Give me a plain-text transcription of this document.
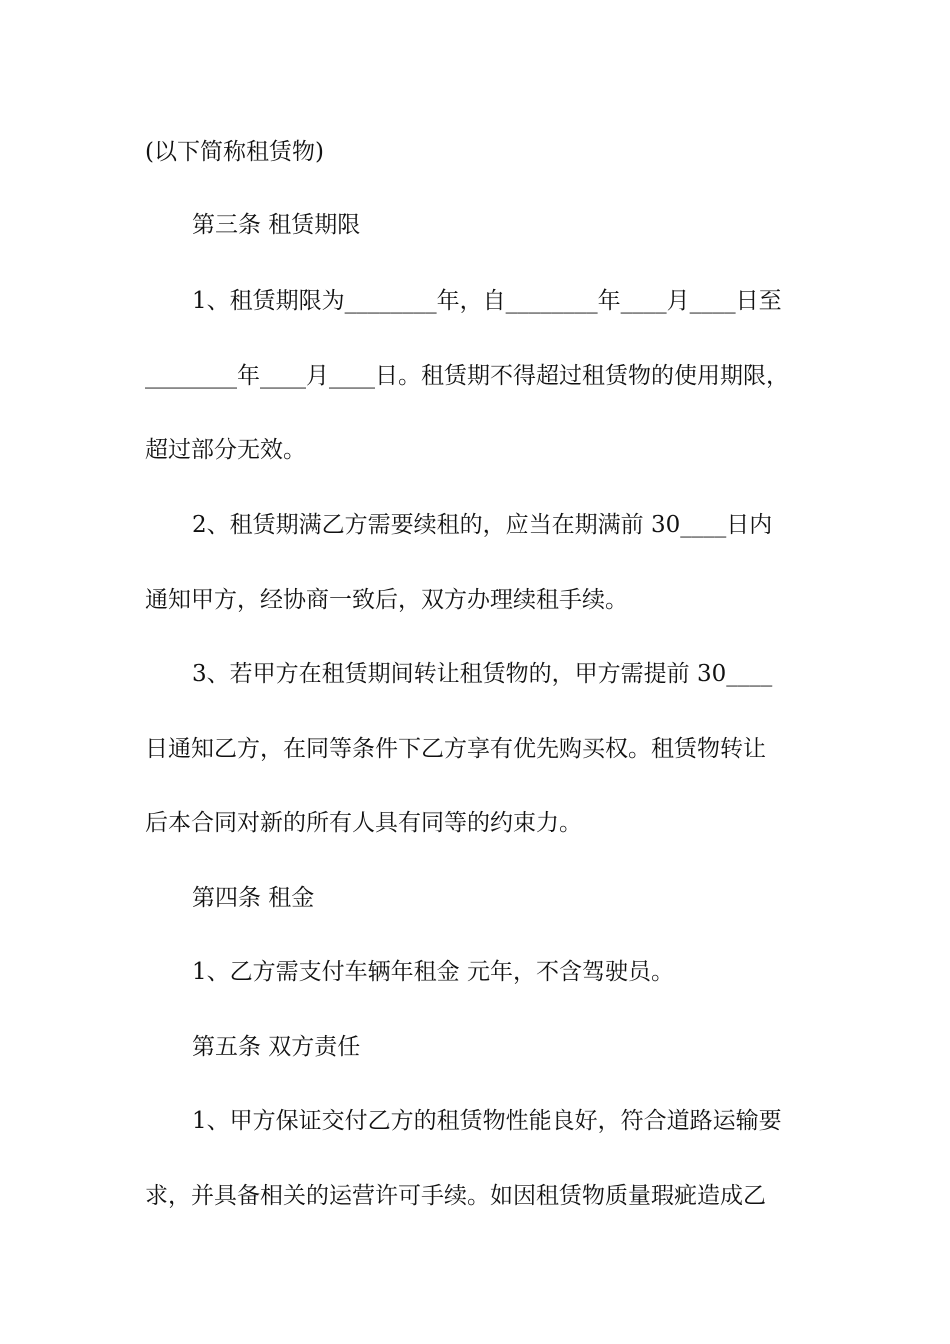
(以下简称租赁物)

第三条 租赁期限

1、租赁期限为________年，自________年____月____日至

________年____月____日。租赁期不得超过租赁物的使用期限，

超过部分无效。

2、租赁期满乙方需要续租的，应当在期满前 30____日内

通知甲方，经协商一致后，双方办理续租手续。

3、若甲方在租赁期间转让租赁物的，甲方需提前 30____

日通知乙方，在同等条件下乙方享有优先购买权。租赁物转让

后本合同对新的所有人具有同等的约束力。

第四条 租金

1、乙方需支付车辆年租金 元年，不含驾驶员。

第五条 双方责任

1、甲方保证交付乙方的租赁物性能良好，符合道路运输要

求，并具备相关的运营许可手续。如因租赁物质量瑕疵造成乙
